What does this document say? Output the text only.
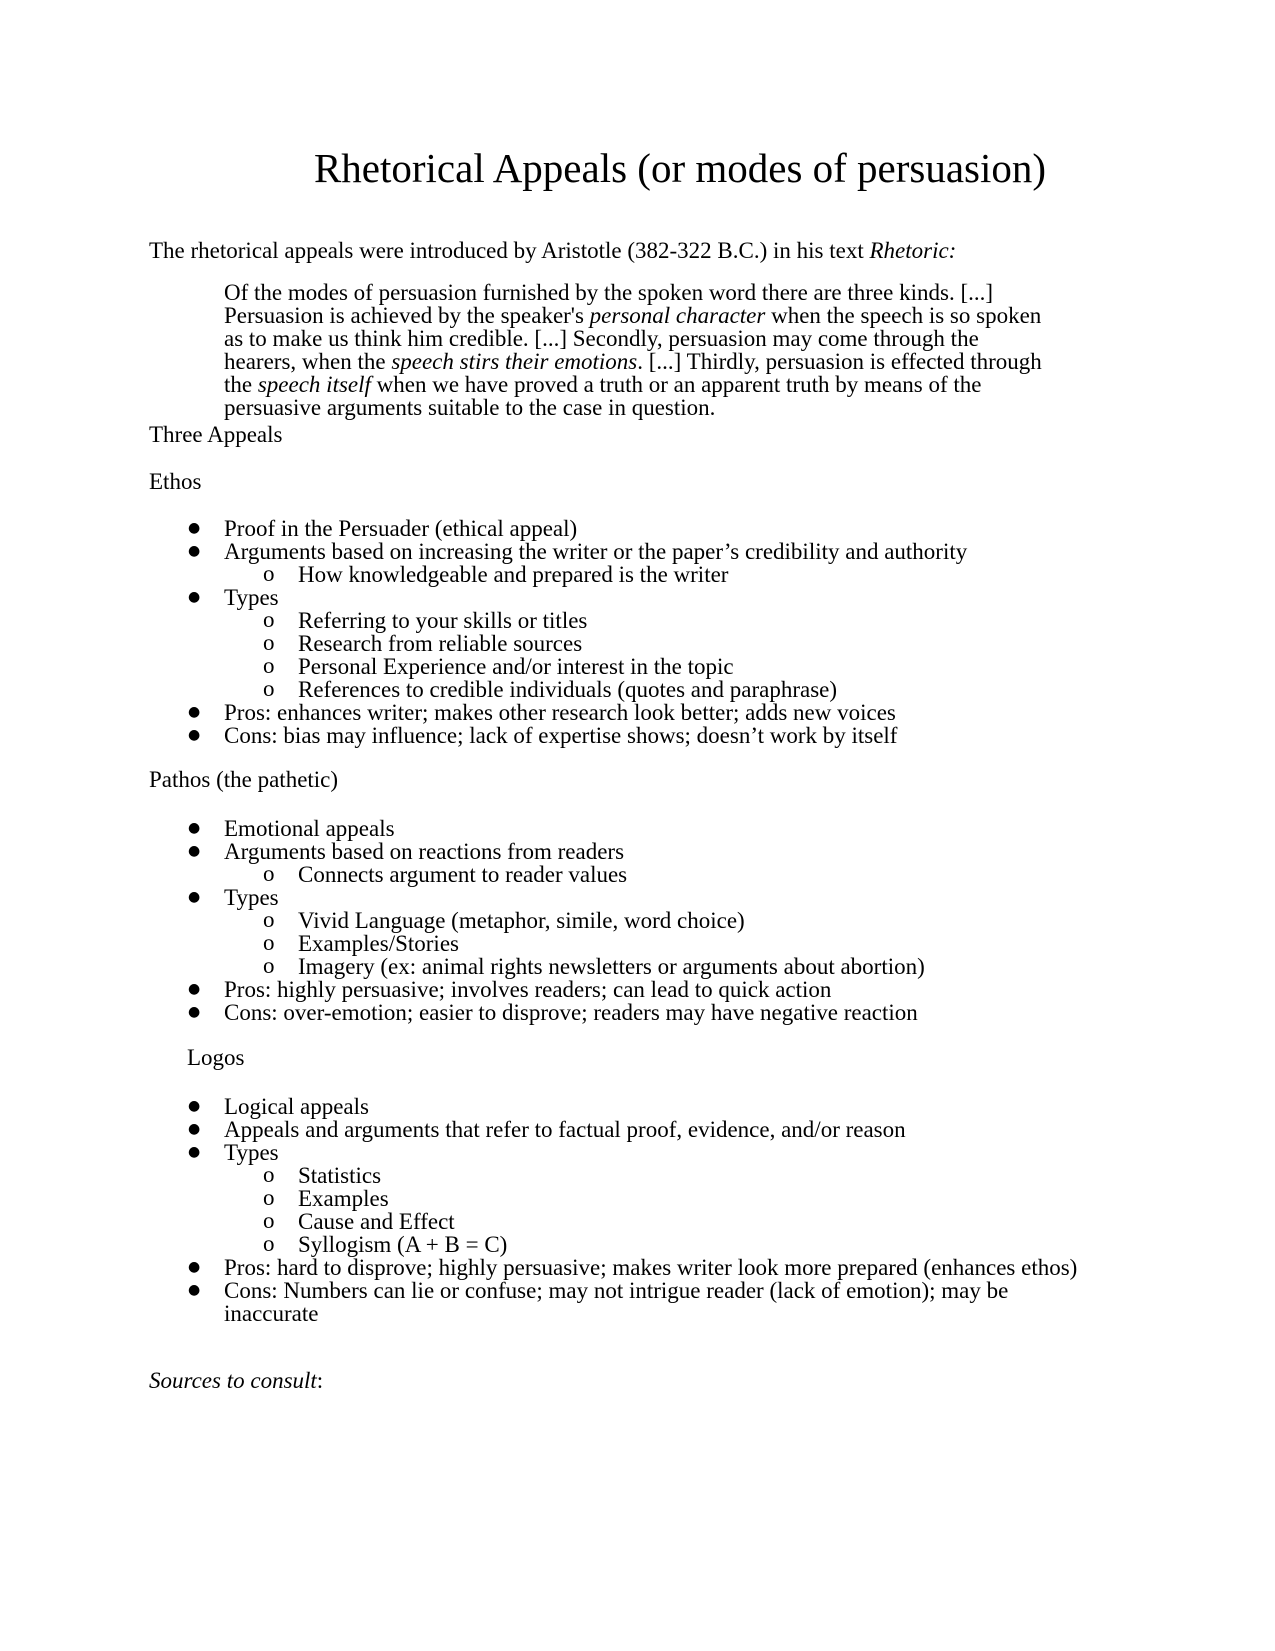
Rhetorical Appeals (or modes of persuasion)

The rhetorical appeals were introduced by Aristotle (382-322 B.C.) in his text Rhetoric:

Of the modes of persuasion furnished by the spoken word there are three kinds. [...]
Persuasion is achieved by the speaker's personal character when the speech is so spoken
as to make us think him credible. [...] Secondly, persuasion may come through the
hearers, when the speech stirs their emotions. [...] Thirdly, persuasion is effected through
the speech itself when we have proved a truth or an apparent truth by means of the
persuasive arguments suitable to the case in question.

Three Appeals

Ethos

● Proof in the Persuader (ethical appeal)
● Arguments based on increasing the writer or the paper’s credibility and authority
o How knowledgeable and prepared is the writer
● Types
o Referring to your skills or titles
o Research from reliable sources
o Personal Experience and/or interest in the topic
o References to credible individuals (quotes and paraphrase)
● Pros: enhances writer; makes other research look better; adds new voices
● Cons: bias may influence; lack of expertise shows; doesn’t work by itself

Pathos (the pathetic)

● Emotional appeals
● Arguments based on reactions from readers
o Connects argument to reader values
● Types
o Vivid Language (metaphor, simile, word choice)
o Examples/Stories
o Imagery (ex: animal rights newsletters or arguments about abortion)
● Pros: highly persuasive; involves readers; can lead to quick action
● Cons: over-emotion; easier to disprove; readers may have negative reaction

Logos

● Logical appeals
● Appeals and arguments that refer to factual proof, evidence, and/or reason
● Types
o Statistics
o Examples
o Cause and Effect
o Syllogism (A + B = C)
● Pros: hard to disprove; highly persuasive; makes writer look more prepared (enhances ethos)
● Cons: Numbers can lie or confuse; may not intrigue reader (lack of emotion); may be inaccurate

Sources to consult:
